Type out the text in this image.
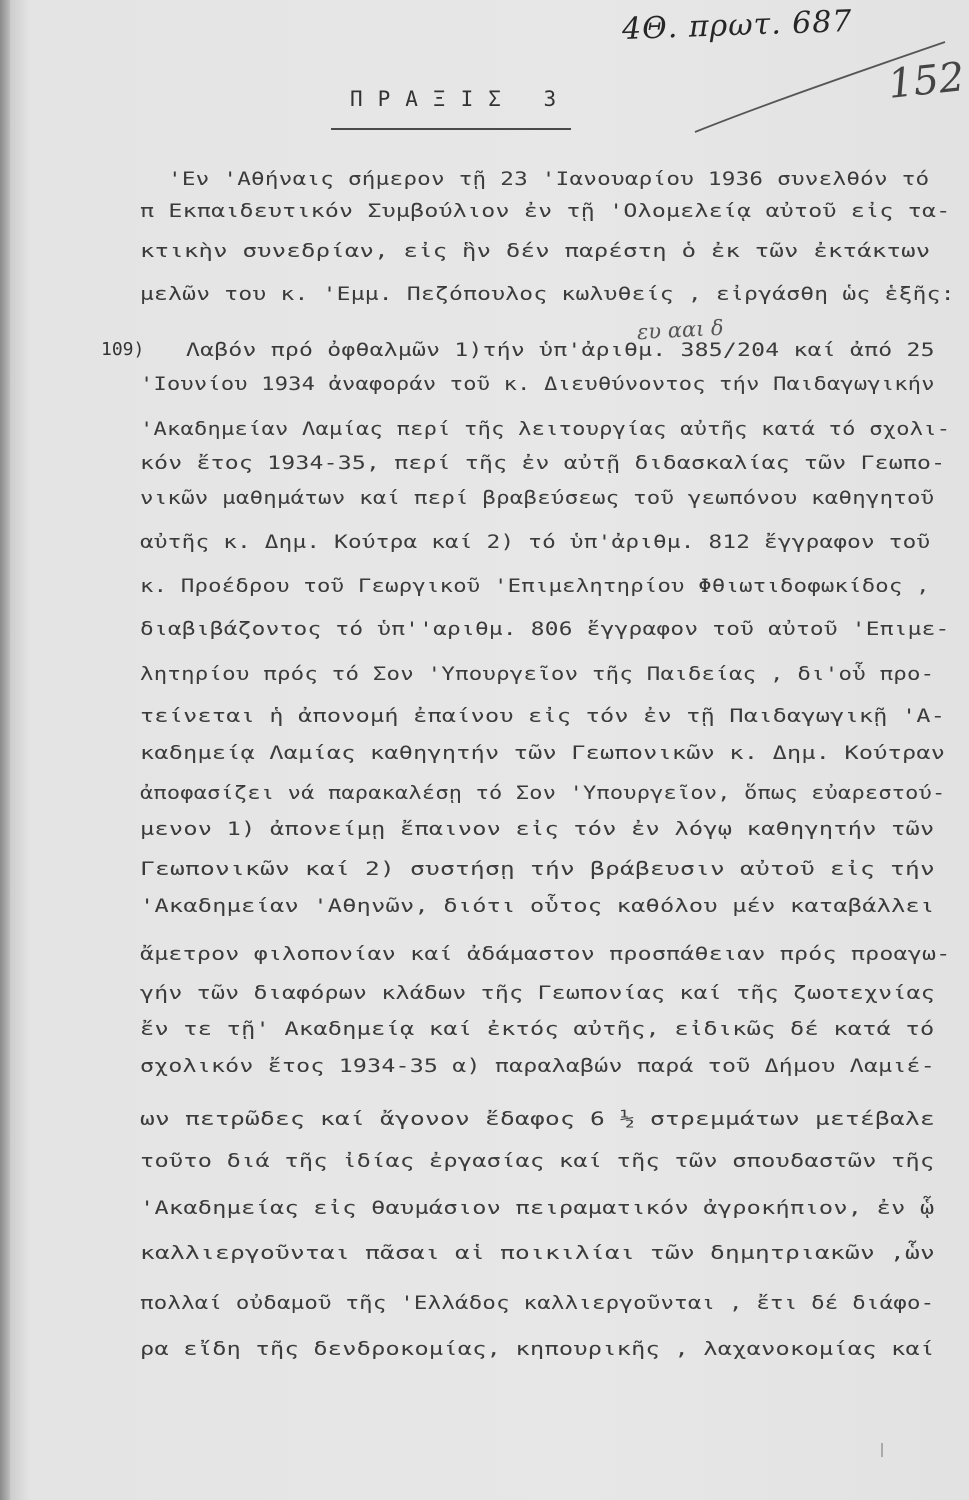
4Θ. πρωτ. 687
152
ευ ααι δ
ΠΡΑΞΙΣ 3
109)
'Εν 'Αθήναις σήμερον τῇ 23 'Ιανουαρίου 1936 συνελθόν τό
π Εκπαιδευτικόν Συμβούλιον ἐν τῇ 'Ολομελείᾳ αὐτοῦ εἰς τα-
κτικὴν συνεδρίαν, εἰς ἣν δέν παρέστη ὁ ἐκ τῶν ἐκτάκτων
μελῶν του κ. 'Εμμ. Πεζόπουλος κωλυθείς , εἰργάσθη ὡς ἑξῆς:
Λαβόν πρό ὀφθαλμῶν 1)τήν ὑπ'ἀριθμ. 385/204 καί ἀπό 25
'Ιουνίου 1934 ἀναφοράν τοῦ κ. Διευθύνοντος τήν Παιδαγωγικήν
'Ακαδημείαν Λαμίας περί τῆς λειτουργίας αὐτῆς κατά τό σχολι-
κόν ἔτος 1934-35, περί τῆς ἐν αὐτῇ διδασκαλίας τῶν Γεωπο-
νικῶν μαθημάτων καί περί βραβεύσεως τοῦ γεωπόνου καθηγητοῦ
αὐτῆς κ. Δημ. Κούτρα καί 2) τό ὑπ'ἀριθμ. 812 ἔγγραφον τοῦ
κ. Προέδρου τοῦ Γεωργικοῦ 'Επιμελητηρίου Φθιωτιδοφωκίδος ,
διαβιβάζοντος τό ὑπ''αριθμ. 806 ἔγγραφον τοῦ αὐτοῦ 'Επιμε-
λητηρίου πρός τό Σον 'Υπουργεῖον τῆς Παιδείας , δι'οὗ προ-
τείνεται ἡ ἀπονομή ἐπαίνου εἰς τόν ἐν τῇ Παιδαγωγικῇ 'Α-
καδημείᾳ Λαμίας καθηγητήν τῶν Γεωπονικῶν κ. Δημ. Κούτραν
ἀποφασίζει νά παρακαλέσῃ τό Σον 'Υπουργεῖον, ὅπως εὐαρεστού-
μενον 1) ἀπονείμῃ ἔπαινον εἰς τόν ἐν λόγῳ καθηγητήν τῶν
Γεωπονικῶν καί 2) συστήσῃ τήν βράβευσιν αὐτοῦ εἰς τήν
'Ακαδημείαν 'Αθηνῶν, διότι οὗτος καθόλου μέν καταβάλλει
ἄμετρον φιλοπονίαν καί ἀδάμαστον προσπάθειαν πρός προαγω-
γήν τῶν διαφόρων κλάδων τῆς Γεωπονίας καί τῆς ζωοτεχνίας
ἔν τε τῇ' Ακαδημείᾳ καί ἐκτός αὐτῆς, εἰδικῶς δέ κατά τό
σχολικόν ἔτος 1934-35 α) παραλαβών παρά τοῦ Δήμου Λαμιέ-
ων πετρῶδες καί ἄγονον ἔδαφος 6 ½ στρεμμάτων μετέβαλε
τοῦτο διά τῆς ἰδίας ἐργασίας καί τῆς τῶν σπουδαστῶν τῆς
'Ακαδημείας εἰς θαυμάσιον πειραματικόν ἀγροκήπιον, ἐν ᾧ
καλλιεργοῦνται πᾶσαι αἱ ποικιλίαι τῶν δημητριακῶν ,ὧν
πολλαί οὐδαμοῦ τῆς 'Ελλάδος καλλιεργοῦνται , ἔτι δέ διάφο-
ρα εἴδη τῆς δενδροκομίας, κηπουρικῆς , λαχανοκομίας καί
